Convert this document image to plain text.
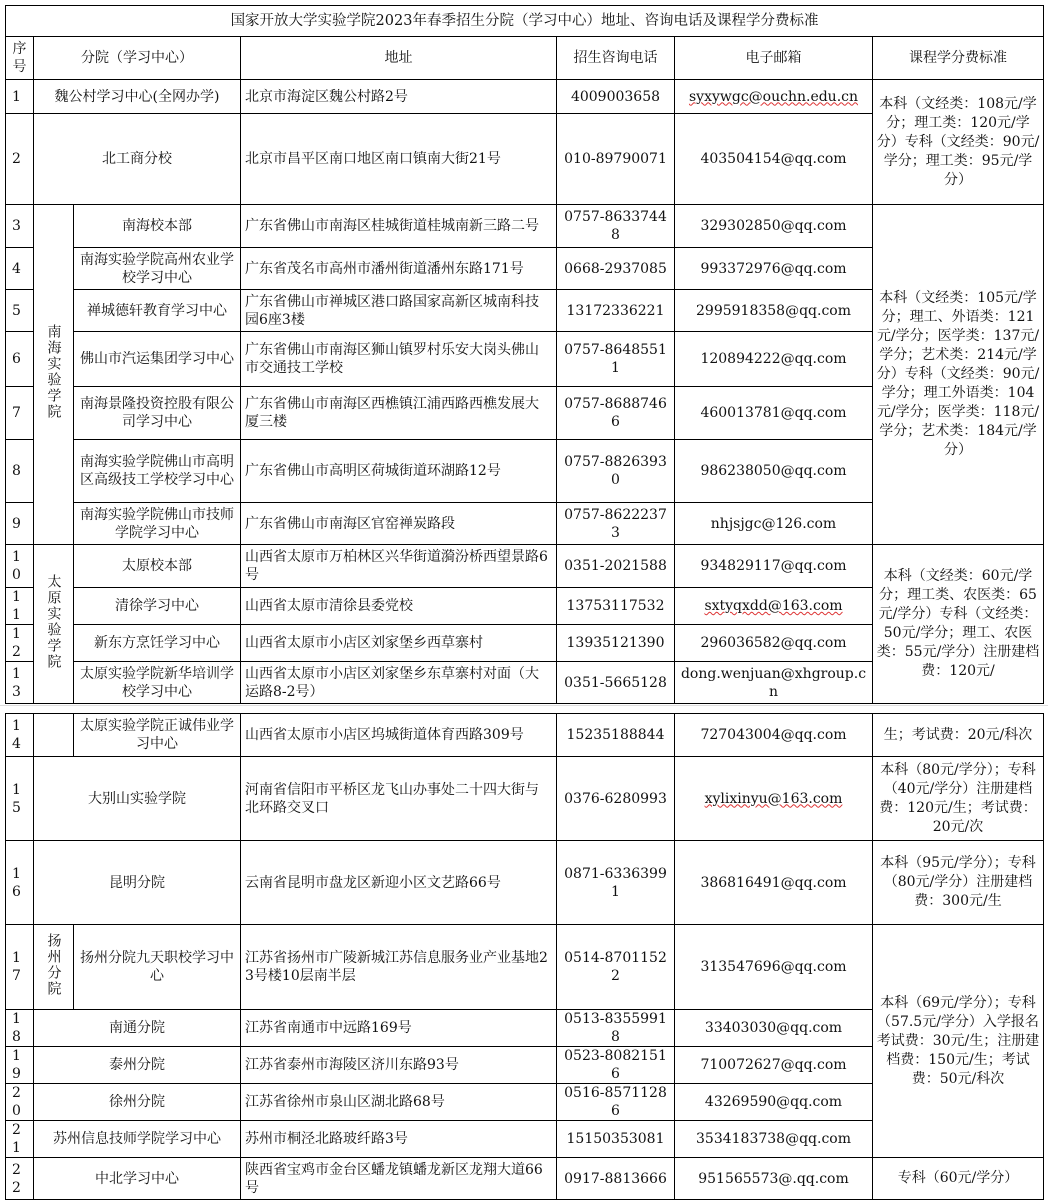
国家开放大学实验学院2023年春季招生分院（学习中心）地址、咨询电话及课程学分费标准						
序号	分院（学习中心）		地址	招生咨询电话	电子邮箱	课程学分费标准
1	魏公村学习中心(全网办学)		北京市海淀区魏公村路2号	4009003658	syxywgc@ouchn.edu.cn	本科（文经类：108元/学分；理工类：120元/学分）专科（文经类：90元/学分；理工类：95元/学分）
2	北工商分校		北京市昌平区南口地区南口镇南大街21号	010-89790071	403504154@qq.com	
3	南海实验学院	南海校本部	广东省佛山市南海区桂城街道桂城南新三路二号	0757-86337448	329302850@qq.com	本科（文经类：105元/学分；理工、外语类：121元/学分；医学类：137元/学分；艺术类：214元/学分）专科（文经类：90元/学分；理工外语类：104元/学分；医学类：118元/学分；艺术类：184元/学分）
4		南海实验学院高州农业学校学习中心	广东省茂名市高州市潘州街道潘州东路171号	0668-2937085	993372976@qq.com	
5		禅城德轩教育学习中心	广东省佛山市禅城区港口路国家高新区城南科技园6座3楼	13172336221	2995918358@qq.com	
6		佛山市汽运集团学习中心	广东省佛山市南海区狮山镇罗村乐安大岗头佛山市交通技工学校	0757-86485511	120894222@qq.com	
7		南海景隆投资控股有限公司学习中心	广东省佛山市南海区西樵镇江浦西路西樵发展大厦三楼	0757-86887466	460013781@qq.com	
8		南海实验学院佛山市高明区高级技工学校学习中心	广东省佛山市高明区荷城街道环湖路12号	0757-88263930	986238050@qq.com	
9		南海实验学院佛山市技师学院学习中心	广东省佛山市南海区官窑禅炭路段	0757-86222373	nhjsjgc@126.com	
10	太原实验学院	太原校本部	山西省太原市万柏林区兴华街道漪汾桥西望景路6号	0351-2021588	934829117@qq.com	本科（文经类：60元/学分；理工类、农医类：65元/学分）专科（文经类：50元/学分；理工、农医类：55元/学分）注册建档费：120元/
11		清徐学习中心	山西省太原市清徐县委党校	13753117532	sxtyqxdd@163.com	
12		新东方烹饪学习中心	山西省太原市小店区刘家堡乡西草寨村	13935121390	296036582@qq.com	
13		太原实验学院新华培训学校学习中心	山西省太原市小店区刘家堡乡东草寨村对面（大运路8-2号）	0351-5665128	dong.wenjuan@xhgroup.cn	
14		太原实验学院正诚伟业学习中心	山西省太原市小店区坞城街道体育西路309号	15235188844	727043004@qq.com	生；考试费：20元/科次
15	大别山实验学院		河南省信阳市平桥区龙飞山办事处二十四大街与北环路交叉口	0376-6280993	xylixinyu@163.com	本科（80元/学分）；专科（40元/学分）注册建档费：120元/生；考试费：20元/次
16	昆明分院		云南省昆明市盘龙区新迎小区文艺路66号	0871-63363991	386816491@qq.com	本科（95元/学分）；专科（80元/学分）注册建档费：300元/生
17	扬州分院	扬州分院九天职校学习中心	江苏省扬州市广陵新城江苏信息服务业产业基地23号楼10层南半层	0514-87011522	313547696@qq.com	本科（69元/学分）；专科（57.5元/学分）入学报名考试费：30元/生；注册建档费：150元/生；考试费：50元/科次
18	南通分院		江苏省南通市中远路169号	0513-83559918	33403030@qq.com	
19	泰州分院		江苏省泰州市海陵区济川东路93号	0523-80821516	710072627@qq.com	
20	徐州分院		江苏省徐州市泉山区湖北路68号	0516-85711286	43269590@qq.com	
21	苏州信息技师学院学习中心		苏州市桐泾北路玻纤路3号	15150353081	3534183738@qq.com	
22	中北学习中心		陕西省宝鸡市金台区蟠龙镇蟠龙新区龙翔大道66号	0917-8813666	951565573@.qq.com	专科（60元/学分）
